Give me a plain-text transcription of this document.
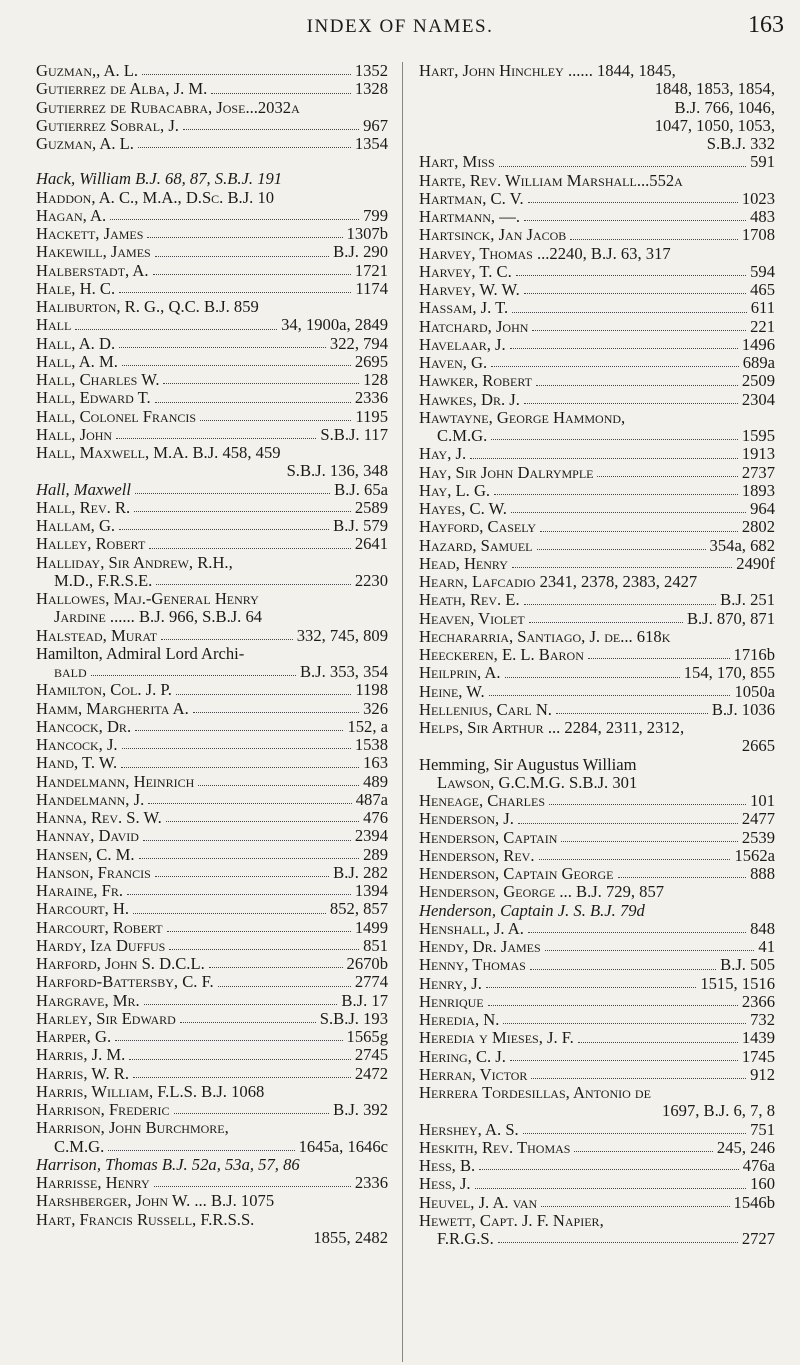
INDEX OF NAMES.	163
Guzman,, A. L.	1352
Gutierrez de Alba, J. M.	1328
Gutierrez de Rubacabra, Jose...2032a
Gutierrez Sobral, J.	967
Guzman, A. L.	1354
Hack, William B.J. 68, 87, S.B.J. 191
Haddon, A. C., M.A., D.Sc. B.J. 10
Hagan, A.	799
Hackett, James	1307b
Hakewill, James	B.J. 290
Halberstadt, A.	1721
Hale, H. C.	1174
Haliburton, R. G., Q.C. B.J. 859
Hall	34, 1900a, 2849
Hall, A. D.	322, 794
Hall, A. M.	2695
Hall, Charles W.	128
Hall, Edward T.	2336
Hall, Colonel Francis	1195
Hall, John	S.B.J. 117
Hall, Maxwell, M.A. B.J. 458, 459
S.B.J. 136, 348
Hall, Maxwell	B.J. 65a
Hall, Rev. R.	2589
Hallam, G.	B.J. 579
Halley, Robert	2641
Halliday, Sir Andrew, R.H.,
M.D., F.R.S.E.	2230
Hallowes, Maj.-General Henry
Jardine ...... B.J. 966, S.B.J. 64
Halstead, Murat	332, 745, 809
Hamilton, Admiral Lord Archi-
bald	B.J. 353, 354
Hamilton, Col. J. P.	1198
Hamm, Margherita A.	326
Hancock, Dr.	152, a
Hancock, J.	1538
Hand, T. W.	163
Handelmann, Heinrich	489
Handelmann, J.	487a
Hanna, Rev. S. W.	476
Hannay, David	2394
Hansen, C. M.	289
Hanson, Francis	B.J. 282
Haraine, Fr.	1394
Harcourt, H.	852, 857
Harcourt, Robert	1499
Hardy, Iza Duffus	851
Harford, John S. D.C.L.	2670b
Harford-Battersby, C. F.	2774
Hargrave, Mr.	B.J. 17
Harley, Sir Edward	S.B.J. 193
Harper, G.	1565g
Harris, J. M.	2745
Harris, W. R.	2472
Harris, William, F.L.S. B.J. 1068
Harrison, Frederic	B.J. 392
Harrison, John Burchmore,
C.M.G.	1645a, 1646c
Harrison, Thomas B.J. 52a, 53a, 57, 86
Harrisse, Henry	2336
Harshberger, John W. ... B.J. 1075
Hart, Francis Russell, F.R.S.S.
1855, 2482
Hart, John Hinchley ...... 1844, 1845,
1848, 1853, 1854,
B.J. 766, 1046,
1047, 1050, 1053,
S.B.J. 332
Hart, Miss	591
Harte, Rev. William Marshall...552a
Hartman, C. V.	1023
Hartmann, —.	483
Hartsinck, Jan Jacob	1708
Harvey, Thomas ...2240, B.J. 63, 317
Harvey, T. C.	594
Harvey, W. W.	465
Hassam, J. T.	611
Hatchard, John	221
Havelaar, J.	1496
Haven, G.	689a
Hawker, Robert	2509
Hawkes, Dr. J.	2304
Hawtayne, George Hammond,
C.M.G.	1595
Hay, J.	1913
Hay, Sir John Dalrymple	2737
Hay, L. G.	1893
Hayes, C. W.	964
Hayford, Casely	2802
Hazard, Samuel	354a, 682
Head, Henry	2490f
Hearn, Lafcadio 2341, 2378, 2383, 2427
Heath, Rev. E.	B.J. 251
Heaven, Violet	B.J. 870, 871
Hechararria, Santiago, J. de... 618k
Heeckeren, E. L. Baron	1716b
Heilprin, A.	154, 170, 855
Heine, W.	1050a
Hellenius, Carl N.	B.J. 1036
Helps, Sir Arthur ... 2284, 2311, 2312,
2665
Hemming, Sir Augustus William
Lawson, G.C.M.G. S.B.J. 301
Heneage, Charles	101
Henderson, J.	2477
Henderson, Captain	2539
Henderson, Rev.	1562a
Henderson, Captain George	888
Henderson, George ... B.J. 729, 857
Henderson, Captain J. S. B.J. 79d
Henshall, J. A.	848
Hendy, Dr. James	41
Henny, Thomas	B.J. 505
Henry, J.	1515, 1516
Henrique	2366
Heredia, N.	732
Heredia y Mieses, J. F.	1439
Hering, C. J.	1745
Herran, Victor	912
Herrera Tordesillas, Antonio de
1697, B.J. 6, 7, 8
Hershey, A. S.	751
Heskith, Rev. Thomas	245, 246
Hess, B.	476a
Hess, J.	160
Heuvel, J. A. van	1546b
Hewett, Capt. J. F. Napier,
F.R.G.S.	2727
